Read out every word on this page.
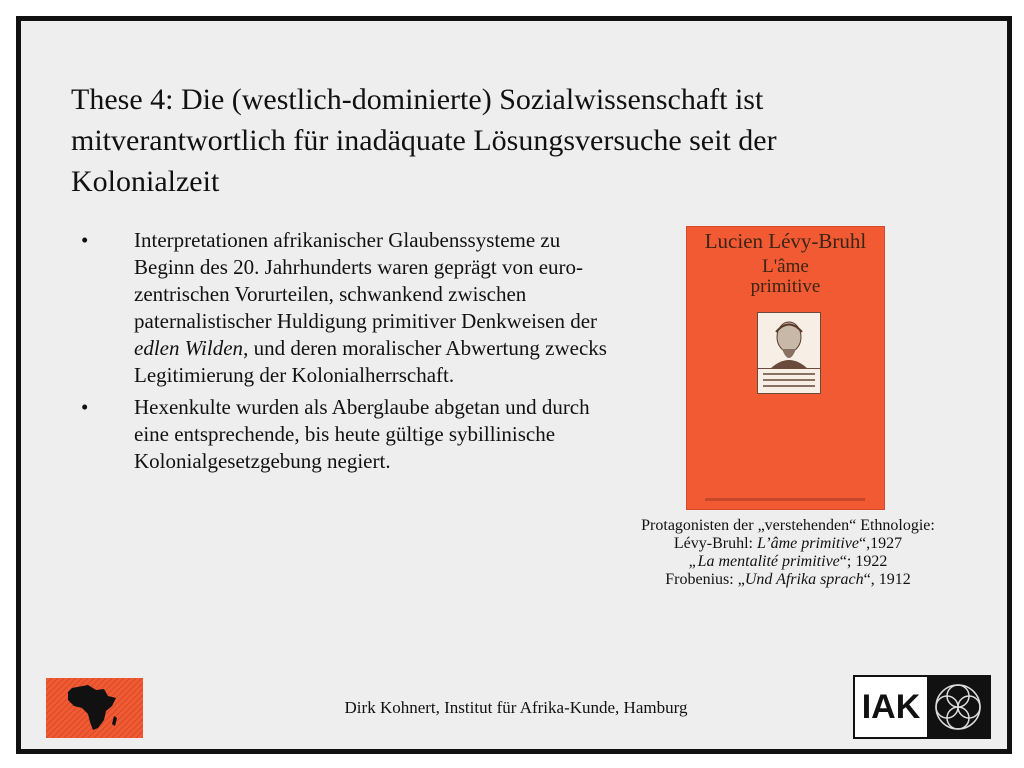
These 4: Die (westlich-dominierte) Sozialwissenschaft ist mitverantwortlich für inadäquate Lösungsversuche seit der Kolonialzeit
•	Interpretationen afrikanischer Glaubenssysteme zu Beginn des 20. Jahrhunderts waren geprägt von euro-zentrischen Vorurteilen, schwankend zwischen paternalistischer Huldigung primitiver Denkweisen der edlen Wilden, und deren moralischer Abwertung zwecks Legitimierung der Kolonialherrschaft.
•	Hexenkulte wurden als Aberglaube abgetan und durch eine entsprechende, bis heute gültige sybillinische Kolonialgesetzgebung negiert.
Lucien Lévy-Bruhl
L'âme
primitive
Protagonisten der „verstehenden“ Ethnologie:
Lévy-Bruhl: L’âme primitive“,1927
„La mentalité primitive“; 1922
Frobenius: „Und Afrika sprach“, 1912
Dirk Kohnert, Institut für Afrika-Kunde, Hamburg	IAK
